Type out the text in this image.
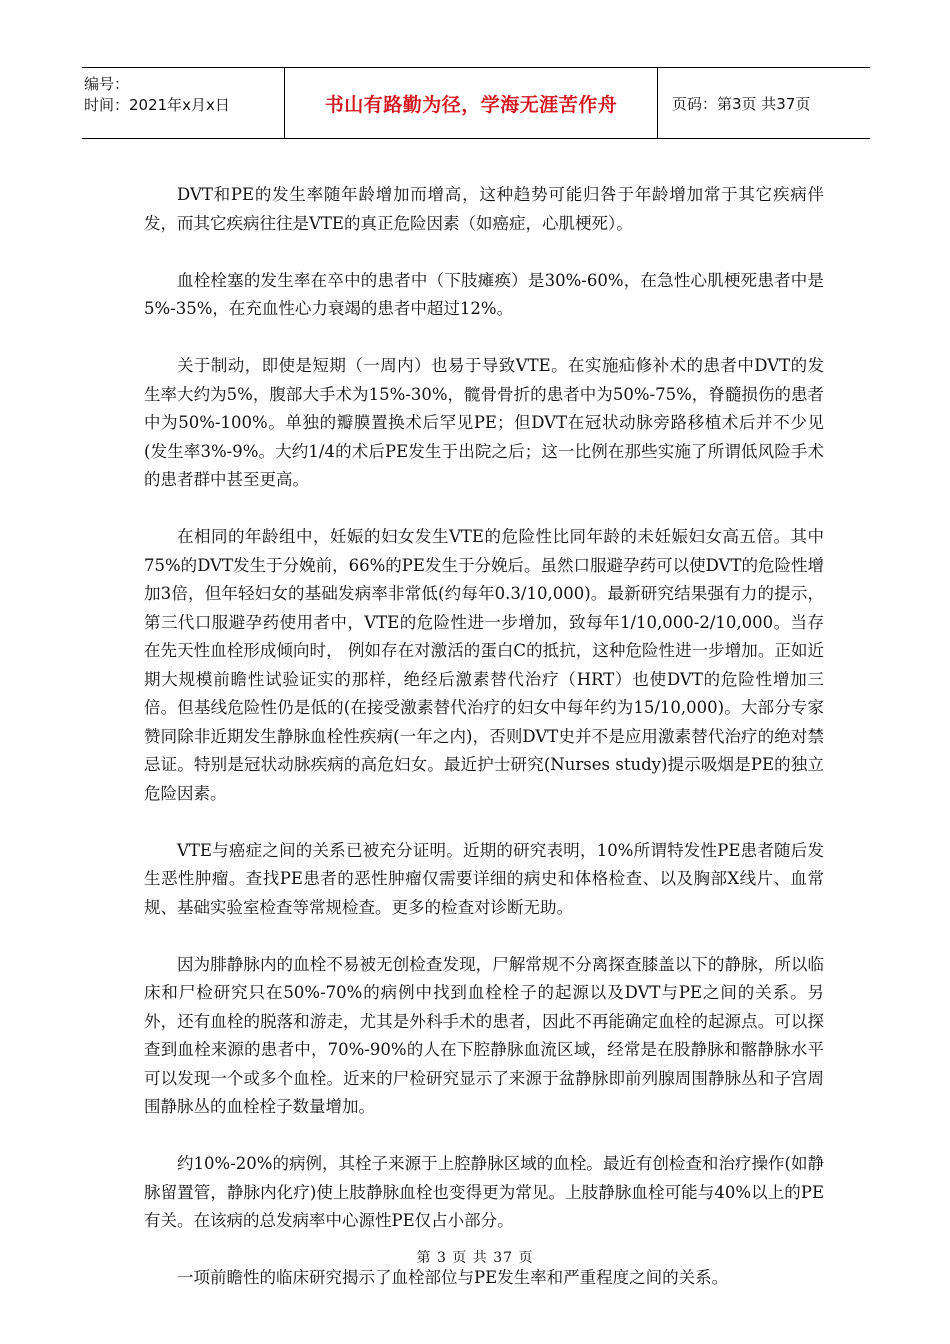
编号：
时间：2021年x月x日	书山有路勤为径，学海无涯苦作舟	页码：第3页 共37页

DVT和PE的发生率随年龄增加而增高，这种趋势可能归咎于年龄增加常于其它疾病伴发，而其它疾病往往是VTE的真正危险因素（如癌症，心肌梗死）。

血栓栓塞的发生率在卒中的患者中（下肢瘫痪）是30%-60%，在急性心肌梗死患者中是5%-35%，在充血性心力衰竭的患者中超过12%。

关于制动，即使是短期（一周内）也易于导致VTE。在实施疝修补术的患者中DVT的发生率大约为5%，腹部大手术为15%-30%，髋骨骨折的患者中为50%-75%，脊髓损伤的患者中为50%-100%。单独的瓣膜置换术后罕见PE；但DVT在冠状动脉旁路移植术后并不少见(发生率3%-9%。大约1/4的术后PE发生于出院之后；这一比例在那些实施了所谓低风险手术的患者群中甚至更高。

在相同的年龄组中，妊娠的妇女发生VTE的危险性比同年龄的未妊娠妇女高五倍。其中75%的DVT发生于分娩前，66%的PE发生于分娩后。虽然口服避孕药可以使DVT的危险性增加3倍，但年轻妇女的基础发病率非常低(约每年0.3/10,000)。最新研究结果强有力的提示，第三代口服避孕药使用者中，VTE的危险性进一步增加，致每年1/10,000-2/10,000。当存在先天性血栓形成倾向时， 例如存在对激活的蛋白C的抵抗，这种危险性进一步增加。正如近期大规模前瞻性试验证实的那样，绝经后激素替代治疗（HRT）也使DVT的危险性增加三倍。但基线危险性仍是低的(在接受激素替代治疗的妇女中每年约为15/10,000)。大部分专家赞同除非近期发生静脉血栓性疾病(一年之内)，否则DVT史并不是应用激素替代治疗的绝对禁忌证。特别是冠状动脉疾病的高危妇女。最近护士研究(Nurses study)提示吸烟是PE的独立危险因素。

VTE与癌症之间的关系已被充分证明。近期的研究表明，10%所谓特发性PE患者随后发生恶性肿瘤。查找PE患者的恶性肿瘤仅需要详细的病史和体格检查、以及胸部X线片、血常规、基础实验室检查等常规检查。更多的检查对诊断无助。

因为腓静脉内的血栓不易被无创检查发现，尸解常规不分离探查膝盖以下的静脉，所以临床和尸检研究只在50%-70%的病例中找到血栓栓子的起源以及DVT与PE之间的关系。另外，还有血栓的脱落和游走，尤其是外科手术的患者，因此不再能确定血栓的起源点。可以探查到血栓来源的患者中，70%-90%的人在下腔静脉血流区域，经常是在股静脉和髂静脉水平可以发现一个或多个血栓。近来的尸检研究显示了来源于盆静脉即前列腺周围静脉丛和子宫周围静脉丛的血栓栓子数量增加。

约10%-20%的病例，其栓子来源于上腔静脉区域的血栓。最近有创检查和治疗操作(如静脉留置管，静脉内化疗)使上肢静脉血栓也变得更为常见。上肢静脉血栓可能与40%以上的PE有关。在该病的总发病率中心源性PE仅占小部分。

一项前瞻性的临床研究揭示了血栓部位与PE发生率和严重程度之间的关系。

第 3 页 共 37 页
